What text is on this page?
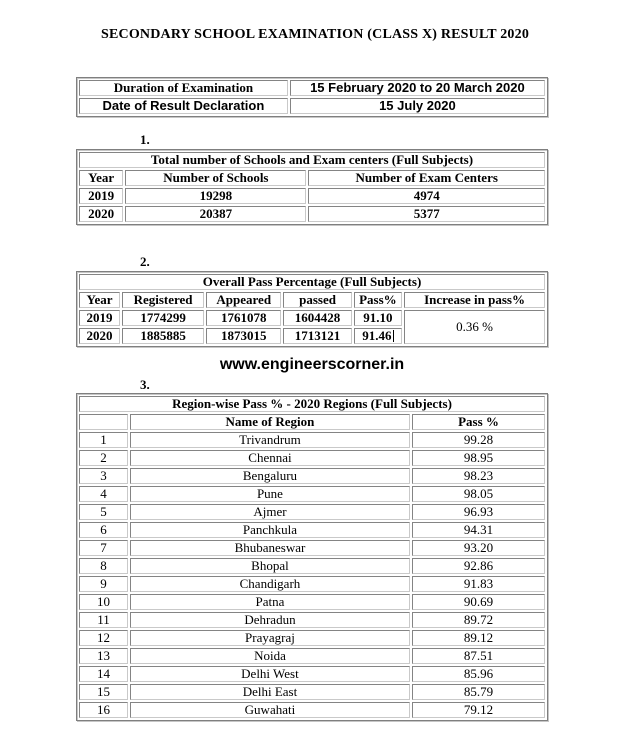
SECONDARY SCHOOL EXAMINATION (CLASS X) RESULT 2020
Duration of Examination	15 February 2020 to 20 March 2020
Date of Result Declaration	15 July 2020
1.
Total number of Schools and Exam centers (Full Subjects)		
Year	Number of Schools	Number of Exam Centers
2019	19298	4974
2020	20387	5377
2.
Overall Pass Percentage (Full Subjects)					
Year	Registered	Appeared	passed	Pass%	Increase in pass%
2019	1774299	1761078	1604428	91.10	0.36 %
2020	1885885	1873015	1713121	91.46	
www.engineerscorner.in
3.
Region-wise Pass % - 2020 Regions (Full Subjects)		
	Name of Region	Pass %
1	Trivandrum	99.28
2	Chennai	98.95
3	Bengaluru	98.23
4	Pune	98.05
5	Ajmer	96.93
6	Panchkula	94.31
7	Bhubaneswar	93.20
8	Bhopal	92.86
9	Chandigarh	91.83
10	Patna	90.69
11	Dehradun	89.72
12	Prayagraj	89.12
13	Noida	87.51
14	Delhi West	85.96
15	Delhi East	85.79
16	Guwahati	79.12
